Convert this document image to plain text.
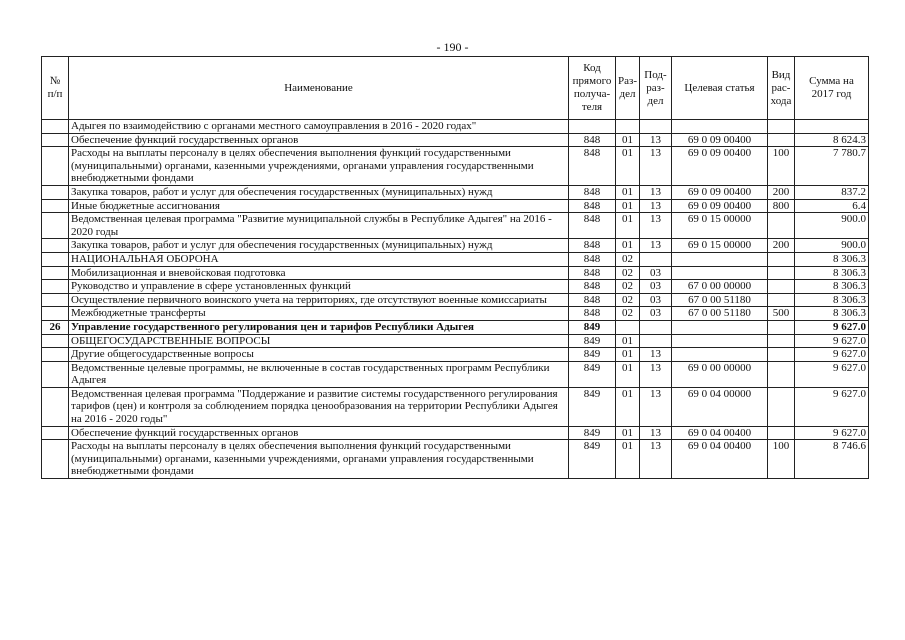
- 190 -
№ п/п	Наименование	Код прямого получа-теля	Раз-дел	Под-раз-дел	Целевая статья	Вид рас-хода	Сумма на 2017 год
	Адыгея по взаимодействию с органами местного самоуправления в 2016 - 2020 годах"						
	Обеспечение функций государственных органов	848	01	13	69 0 09 00400		8 624.3
	Расходы на выплаты персоналу в целях обеспечения выполнения функций государственными (муниципальными) органами, казенными учреждениями, органами управления государственными внебюджетными фондами	848	01	13	69 0 09 00400	100	7 780.7
	Закупка товаров, работ и услуг для обеспечения государственных (муниципальных) нужд	848	01	13	69 0 09 00400	200	837.2
	Иные бюджетные ассигнования	848	01	13	69 0 09 00400	800	6.4
	Ведомственная целевая программа "Развитие муниципальной службы в Республике Адыгея" на 2016 - 2020 годы	848	01	13	69 0 15 00000		900.0
	Закупка товаров, работ и услуг для обеспечения государственных (муниципальных) нужд	848	01	13	69 0 15 00000	200	900.0
	НАЦИОНАЛЬНАЯ ОБОРОНА	848	02				8 306.3
	Мобилизационная и вневойсковая подготовка	848	02	03			8 306.3
	Руководство и управление в сфере установленных функций	848	02	03	67 0 00 00000		8 306.3
	Осуществление первичного воинского учета на территориях, где отсутствуют военные комиссариаты	848	02	03	67 0 00 51180		8 306.3
	Межбюджетные трансферты	848	02	03	67 0 00 51180	500	8 306.3
26	Управление государственного регулирования цен и тарифов Республики Адыгея	849					9 627.0
	ОБЩЕГОСУДАРСТВЕННЫЕ ВОПРОСЫ	849	01				9 627.0
	Другие общегосударственные вопросы	849	01	13			9 627.0
	Ведомственные целевые программы, не включенные в состав государственных программ Республики Адыгея	849	01	13	69 0 00 00000		9 627.0
	Ведомственная целевая программа "Поддержание и развитие системы государственного регулирования тарифов (цен) и контроля за соблюдением порядка ценообразования на территории Республики Адыгея на 2016 - 2020 годы"	849	01	13	69 0 04 00000		9 627.0
	Обеспечение функций государственных органов	849	01	13	69 0 04 00400		9 627.0
	Расходы на выплаты персоналу в целях обеспечения выполнения функций государственными (муниципальными) органами, казенными учреждениями, органами управления государственными внебюджетными фондами	849	01	13	69 0 04 00400	100	8 746.6
